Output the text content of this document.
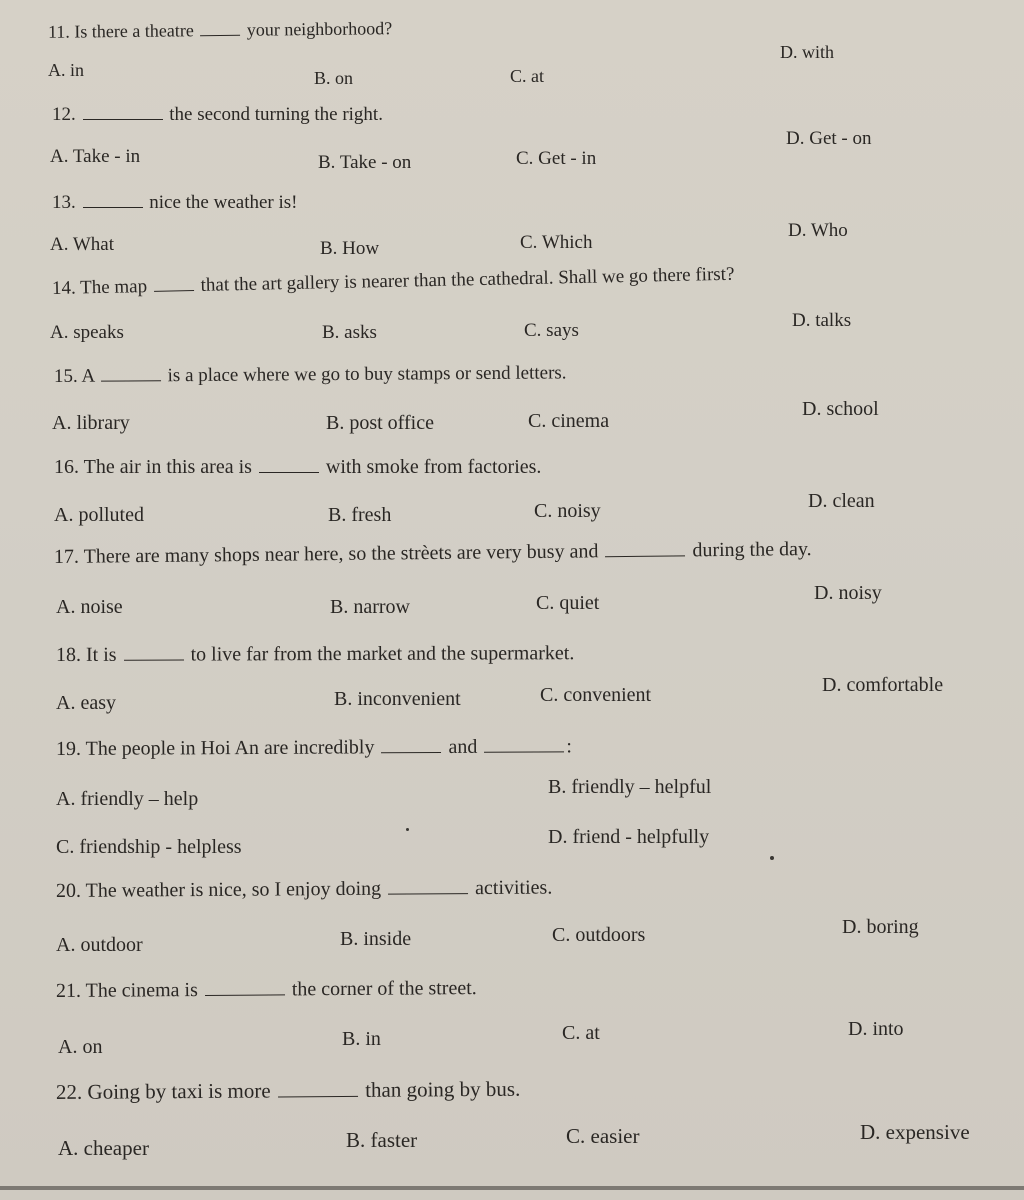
11. Is there a theatre	your neighborhood?
A. in	B. on	C. at
D. with
12.	the second turning the right.
A. Take - in	B. Take - on	C. Get - in
D. Get - on
13.	nice the weather is!
A. What	B. How	C. Which
D. Who
14. The map	that the art gallery is nearer than the cathedral. Shall we go there first?
A. speaks	B. asks	C. says	D. talks
15. A	is a place where we go to buy stamps or send letters.
A. library	B. post office	C. cinema
D. school
16. The air in this area is	with smoke from factories.
A. polluted	B. fresh	C. noisy	D. clean
17. There are many shops near here, so the strèets are very busy and	during the day.
A. noise	B. narrow	C. quiet	D. noisy
18. It is	to live far from the market and the supermarket.
A. easy	B. inconvenient	C. convenient	D. comfortable
19. The people in Hoi An are incredibly	and	:
A. friendly – help
B. friendly – helpful
C. friendship - helpless	D. friend - helpfully
20. The weather is nice, so I enjoy doing	activities.
A. outdoor	B. inside	C. outdoors	D. boring
21. The cinema is	the corner of the street.
A. on	B. in	C. at	D. into
22. Going by taxi is more	than going by bus.
A. cheaper	B. faster	C. easier	D. expensive
